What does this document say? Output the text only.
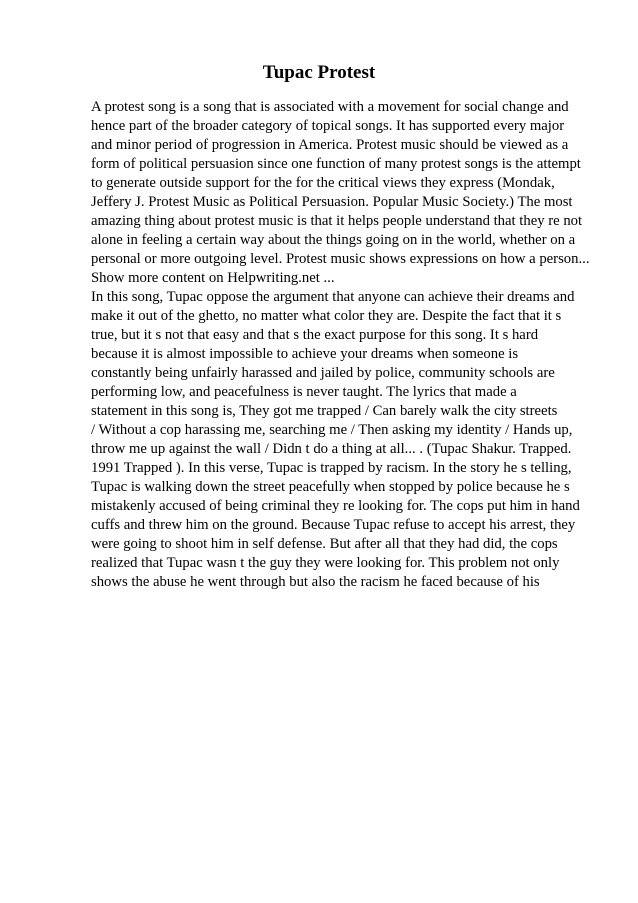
Tupac Protest
A protest song is a song that is associated with a movement for social change and
hence part of the broader category of topical songs. It has supported every major
and minor period of progression in America. Protest music should be viewed as a
form of political persuasion since one function of many protest songs is the attempt
to generate outside support for the for the critical views they express (Mondak,
Jeffery J. Protest Music as Political Persuasion. Popular Music Society.) The most
amazing thing about protest music is that it helps people understand that they re not
alone in feeling a certain way about the things going on in the world, whether on a
personal or more outgoing level. Protest music shows expressions on how a person...
Show more content on Helpwriting.net ...
In this song, Tupac oppose the argument that anyone can achieve their dreams and
make it out of the ghetto, no matter what color they are. Despite the fact that it s
true, but it s not that easy and that s the exact purpose for this song. It s hard
because it is almost impossible to achieve your dreams when someone is
constantly being unfairly harassed and jailed by police, community schools are
performing low, and peacefulness is never taught. The lyrics that made a
statement in this song is, They got me trapped / Can barely walk the city streets
/ Without a cop harassing me, searching me / Then asking my identity / Hands up,
throw me up against the wall / Didn t do a thing at all... . (Tupac Shakur. Trapped.
1991 Trapped ). In this verse, Tupac is trapped by racism. In the story he s telling,
Tupac is walking down the street peacefully when stopped by police because he s
mistakenly accused of being criminal they re looking for. The cops put him in hand
cuffs and threw him on the ground. Because Tupac refuse to accept his arrest, they
were going to shoot him in self defense. But after all that they had did, the cops
realized that Tupac wasn t the guy they were looking for. This problem not only
shows the abuse he went through but also the racism he faced because of his
